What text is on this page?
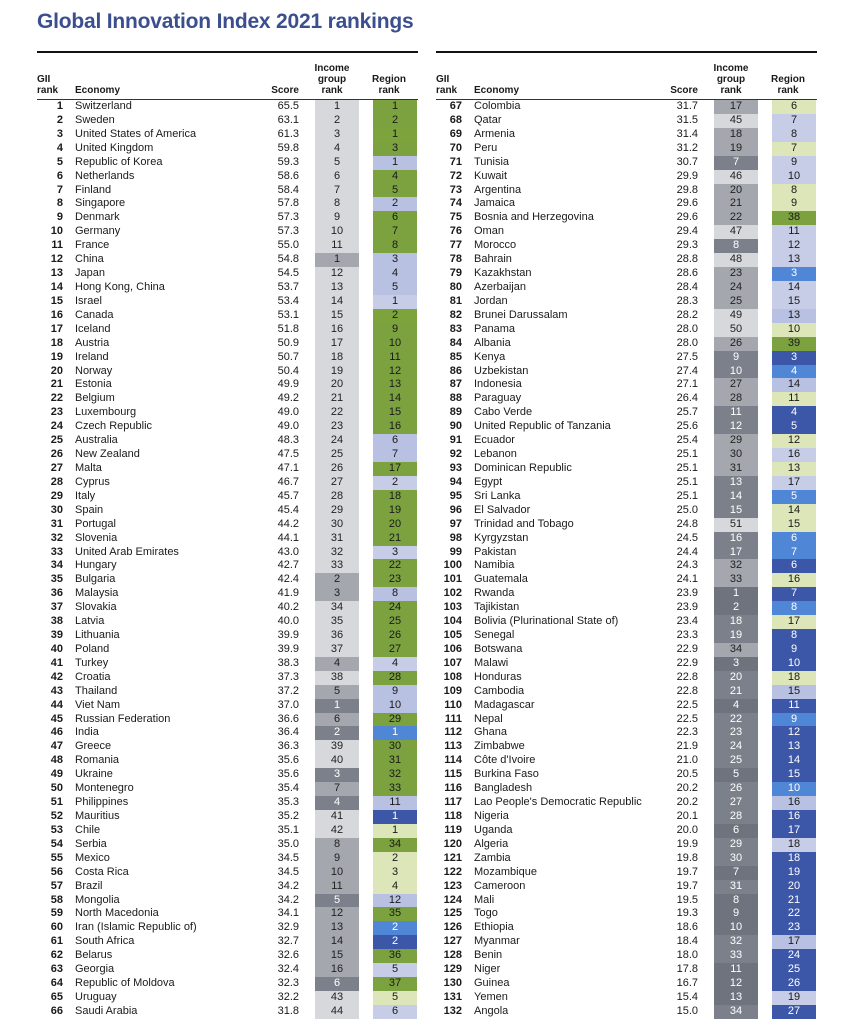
Global Innovation Index 2021 rankings
GII
rank Economy	Score
Income
group
rank
Region
rank
1 Switzerland	65.5	1	1
2 Sweden	63.1	2	2
3 United States of America	61.3	3	1
4 United Kingdom	59.8	4	3
5 Republic of Korea	59.3	5	1
6 Netherlands	58.6	6	4
7 Finland	58.4	7	5
8 Singapore	57.8	8	2
9 Denmark	57.3	9	6
10 Germany	57.3	10	7
11 France	55.0	11	8
12 China	54.8	1	3
13 Japan	54.5	12	4
14 Hong Kong, China	53.7	13	5
15 Israel	53.4	14	1
16 Canada	53.1	15	2
17 Iceland	51.8	16	9
18 Austria	50.9	17	10
19 Ireland	50.7	18	11
20 Norway	50.4	19	12
21 Estonia	49.9	20	13
22 Belgium	49.2	21	14
23 Luxembourg	49.0	22	15
24 Czech Republic	49.0	23	16
25 Australia	48.3	24	6
26 New Zealand	47.5	25	7
27 Malta	47.1	26	17
28 Cyprus	46.7	27	2
29 Italy	45.7	28	18
30 Spain	45.4	29	19
31 Portugal	44.2	30	20
32 Slovenia	44.1	31	21
33 United Arab Emirates	43.0	32	3
34 Hungary	42.7	33	22
35 Bulgaria	42.4	2	23
36 Malaysia	41.9	3	8
37 Slovakia	40.2	34	24
38 Latvia	40.0	35	25
39 Lithuania	39.9	36	26
40 Poland	39.9	37	27
41 Turkey	38.3	4	4
42 Croatia	37.3	38	28
43 Thailand	37.2	5	9
44 Viet Nam	37.0	1	10
45 Russian Federation	36.6	6	29
46 India	36.4	2	1
47 Greece	36.3	39	30
48 Romania	35.6	40	31
49 Ukraine	35.6	3	32
50 Montenegro	35.4	7	33
51 Philippines	35.3	4	11
52 Mauritius	35.2	41	1
53 Chile	35.1	42	1
54 Serbia	35.0	8	34
55 Mexico	34.5	9	2
56 Costa Rica	34.5	10	3
57 Brazil	34.2	11	4
58 Mongolia	34.2	5	12
59 North Macedonia	34.1	12	35
60 Iran (Islamic Republic of)	32.9	13	2
61 South Africa	32.7	14	2
62 Belarus	32.6	15	36
63 Georgia	32.4	16	5
64 Republic of Moldova	32.3	6	37
65 Uruguay	32.2	43	5
66 Saudi Arabia	31.8	44	6
GII
rank Economy	Score
Income
group
rank
Region
rank
67 Colombia	31.7	17	6
68 Qatar	31.5	45	7
69 Armenia	31.4	18	8
70 Peru	31.2	19	7
71 Tunisia	30.7	7	9
72 Kuwait	29.9	46	10
73 Argentina	29.8	20	8
74 Jamaica	29.6	21	9
75 Bosnia and Herzegovina	29.6	22	38
76 Oman	29.4	47	11
77 Morocco	29.3	8	12
78 Bahrain	28.8	48	13
79 Kazakhstan	28.6	23	3
80 Azerbaijan	28.4	24	14
81 Jordan	28.3	25	15
82 Brunei Darussalam	28.2	49	13
83 Panama	28.0	50	10
84 Albania	28.0	26	39
85 Kenya	27.5	9	3
86 Uzbekistan	27.4	10	4
87 Indonesia	27.1	27	14
88 Paraguay	26.4	28	11
89 Cabo Verde	25.7	11	4
90 United Republic of Tanzania	25.6	12	5
91 Ecuador	25.4	29	12
92 Lebanon	25.1	30	16
93 Dominican Republic	25.1	31	13
94 Egypt	25.1	13	17
95 Sri Lanka	25.1	14	5
96 El Salvador	25.0	15	14
97 Trinidad and Tobago	24.8	51	15
98 Kyrgyzstan	24.5	16	6
99 Pakistan	24.4	17	7
100 Namibia	24.3	32	6
101 Guatemala	24.1	33	16
102 Rwanda	23.9	1	7
103 Tajikistan	23.9	2	8
104 Bolivia (Plurinational State of)	23.4	18	17
105 Senegal	23.3	19	8
106 Botswana	22.9	34	9
107 Malawi	22.9	3	10
108 Honduras	22.8	20	18
109 Cambodia	22.8	21	15
110 Madagascar	22.5	4	11
111 Nepal	22.5	22	9
112 Ghana	22.3	23	12
113 Zimbabwe	21.9	24	13
114 Côte d'Ivoire	21.0	25	14
115 Burkina Faso	20.5	5	15
116 Bangladesh	20.2	26	10
117 Lao People's Democratic Republic	20.2	27	16
118 Nigeria	20.1	28	16
119 Uganda	20.0	6	17
120 Algeria	19.9	29	18
121 Zambia	19.8	30	18
122 Mozambique	19.7	7	19
123 Cameroon	19.7	31	20
124 Mali	19.5	8	21
125 Togo	19.3	9	22
126 Ethiopia	18.6	10	23
127 Myanmar	18.4	32	17
128 Benin	18.0	33	24
129 Niger	17.8	11	25
130 Guinea	16.7	12	26
131 Yemen	15.4	13	19
132 Angola	15.0	34	27
